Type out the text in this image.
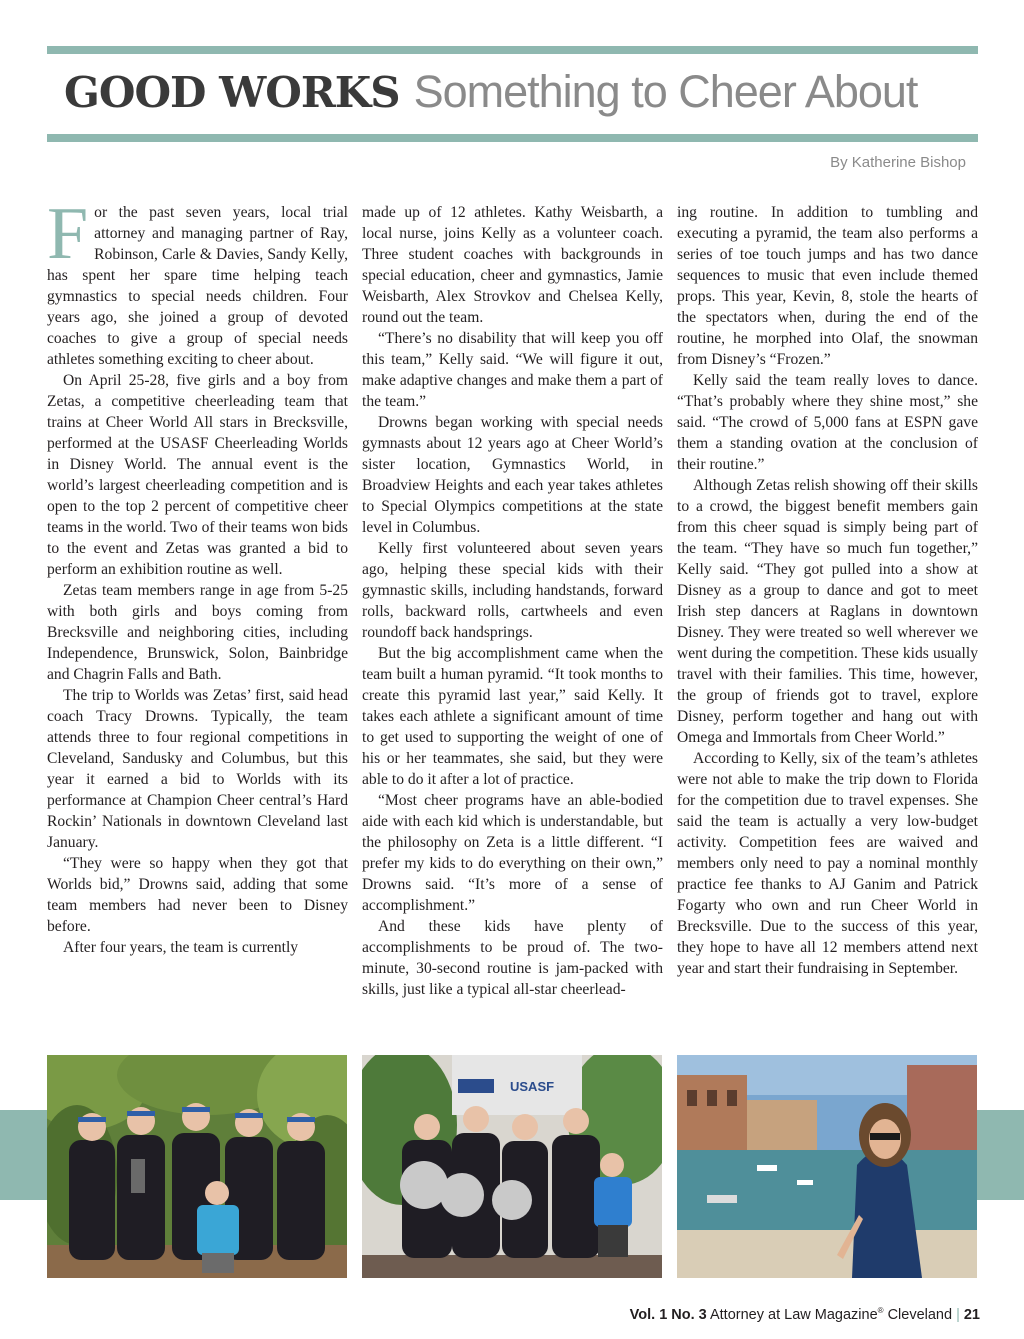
GOOD WORKS Something to Cheer About
By Katherine Bishop

For the past seven years, local trial attorney and managing partner of Ray, Robinson, Carle & Davies, Sandy Kelly, has spent her spare time helping teach gymnastics to special needs children. Four years ago, she joined a group of devoted coaches to give a group of special needs athletes something exciting to cheer about.

On April 25-28, five girls and a boy from Zetas, a competitive cheerleading team that trains at Cheer World All stars in Brecksville, performed at the USASF Cheerleading Worlds in Disney World. The annual event is the world’s largest cheerleading competition and is open to the top 2 percent of competitive cheer teams in the world. Two of their teams won bids to the event and Zetas was granted a bid to perform an exhibition routine as well.

Zetas team members range in age from 5-25 with both girls and boys coming from Brecksville and neighboring cities, including Independence, Brunswick, Solon, Bainbridge and Chagrin Falls and Bath.

The trip to Worlds was Zetas’ first, said head coach Tracy Drowns. Typically, the team attends three to four regional competitions in Cleveland, Sandusky and Columbus, but this year it earned a bid to Worlds with its performance at Champion Cheer central’s Hard Rockin’ Nationals in downtown Cleveland last January.

“They were so happy when they got that Worlds bid,” Drowns said, adding that some team members had never been to Disney before.

After four years, the team is currently

made up of 12 athletes. Kathy Weisbarth, a local nurse, joins Kelly as a volunteer coach. Three student coaches with backgrounds in special education, cheer and gymnastics, Jamie Weisbarth, Alex Strovkov and Chelsea Kelly, round out the team.

“There’s no disability that will keep you off this team,” Kelly said. “We will figure it out, make adaptive changes and make them a part of the team.”

Drowns began working with special needs gymnasts about 12 years ago at Cheer World’s sister location, Gymnastics World, in Broadview Heights and each year takes athletes to Special Olympics competitions at the state level in Columbus.

Kelly first volunteered about seven years ago, helping these special kids with their gymnastic skills, including handstands, forward rolls, backward rolls, cartwheels and even roundoff back handsprings.

But the big accomplishment came when the team built a human pyramid. “It took months to create this pyramid last year,” said Kelly. It takes each athlete a significant amount of time to get used to supporting the weight of one of his or her teammates, she said, but they were able to do it after a lot of practice.

“Most cheer programs have an able-bodied aide with each kid which is understandable, but the philosophy on Zeta is a little different. “I prefer my kids to do everything on their own,” Drowns said. “It’s more of a sense of accomplishment.”

And these kids have plenty of accomplishments to be proud of. The two-minute, 30-second routine is jam-packed with skills, just like a typical all-star cheerlead-

ing routine. In addition to tumbling and executing a pyramid, the team also performs a series of toe touch jumps and has two dance sequences to music that even include themed props. This year, Kevin, 8, stole the hearts of the spectators when, during the end of the routine, he morphed into Olaf, the snowman from Disney’s “Frozen.”

Kelly said the team really loves to dance. “That’s probably where they shine most,” she said. “The crowd of 5,000 fans at ESPN gave them a standing ovation at the conclusion of their routine.”

Although Zetas relish showing off their skills to a crowd, the biggest benefit members gain from this cheer squad is simply being part of the team. “They have so much fun together,” Kelly said. “They got pulled into a show at Disney as a group to dance and got to meet Irish step dancers at Raglans in downtown Disney. They were treated so well wherever we went during the competition. These kids usually travel with their families. This time, however, the group of friends got to travel, explore Disney, perform together and hang out with Omega and Immortals from Cheer World.”

According to Kelly, six of the team’s athletes were not able to make the trip down to Florida for the competition due to travel expenses. She said the team is actually a very low-budget activity. Competition fees are waived and members only need to pay a nominal monthly practice fee thanks to AJ Ganim and Patrick Fogarty who own and run Cheer World in Brecksville. Due to the success of this year, they hope to have all 12 members attend next year and start their fundraising in September.

USASF
Vol. 1 No. 3 Attorney at Law Magazine® Cleveland | 21
